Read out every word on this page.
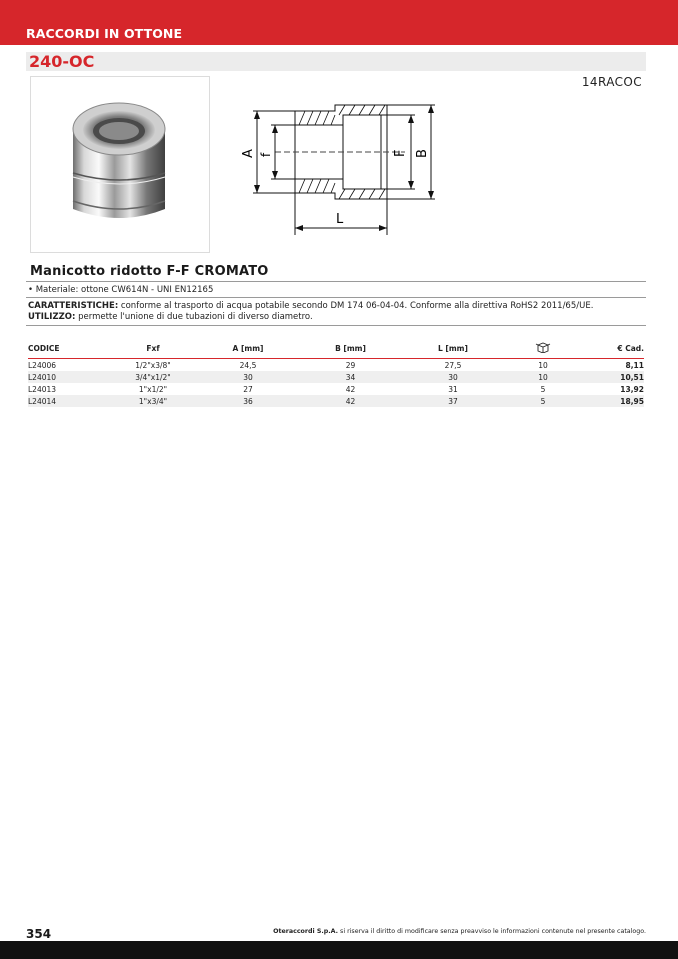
RACCORDI IN OTTONE
240-OC
14RACOC
A f	F B
L
Manicotto ridotto F-F CROMATO
• Materiale: ottone CW614N - UNI EN12165
CARATTERISTICHE: conforme al trasporto di acqua potabile secondo DM 174 06-04-04. Conforme alla direttiva RoHS2 2011/65/UE.
UTILIZZO: permette l'unione di due tubazioni di diverso diametro.
CODICE	Fxf	A [mm]	B [mm]	L [mm]		€ Cad.
L24006	1/2"x3/8"	24,5	29	27,5	10	8,11
L24010	3/4"x1/2"	30	34	30	10	10,51
L24013	1"x1/2"	27	42	31	5	13,92
L24014	1"x3/4"	36	42	37	5	18,95
354	Oteraccordi S.p.A. si riserva il diritto di modificare senza preavviso le informazioni contenute nel presente catalogo.
